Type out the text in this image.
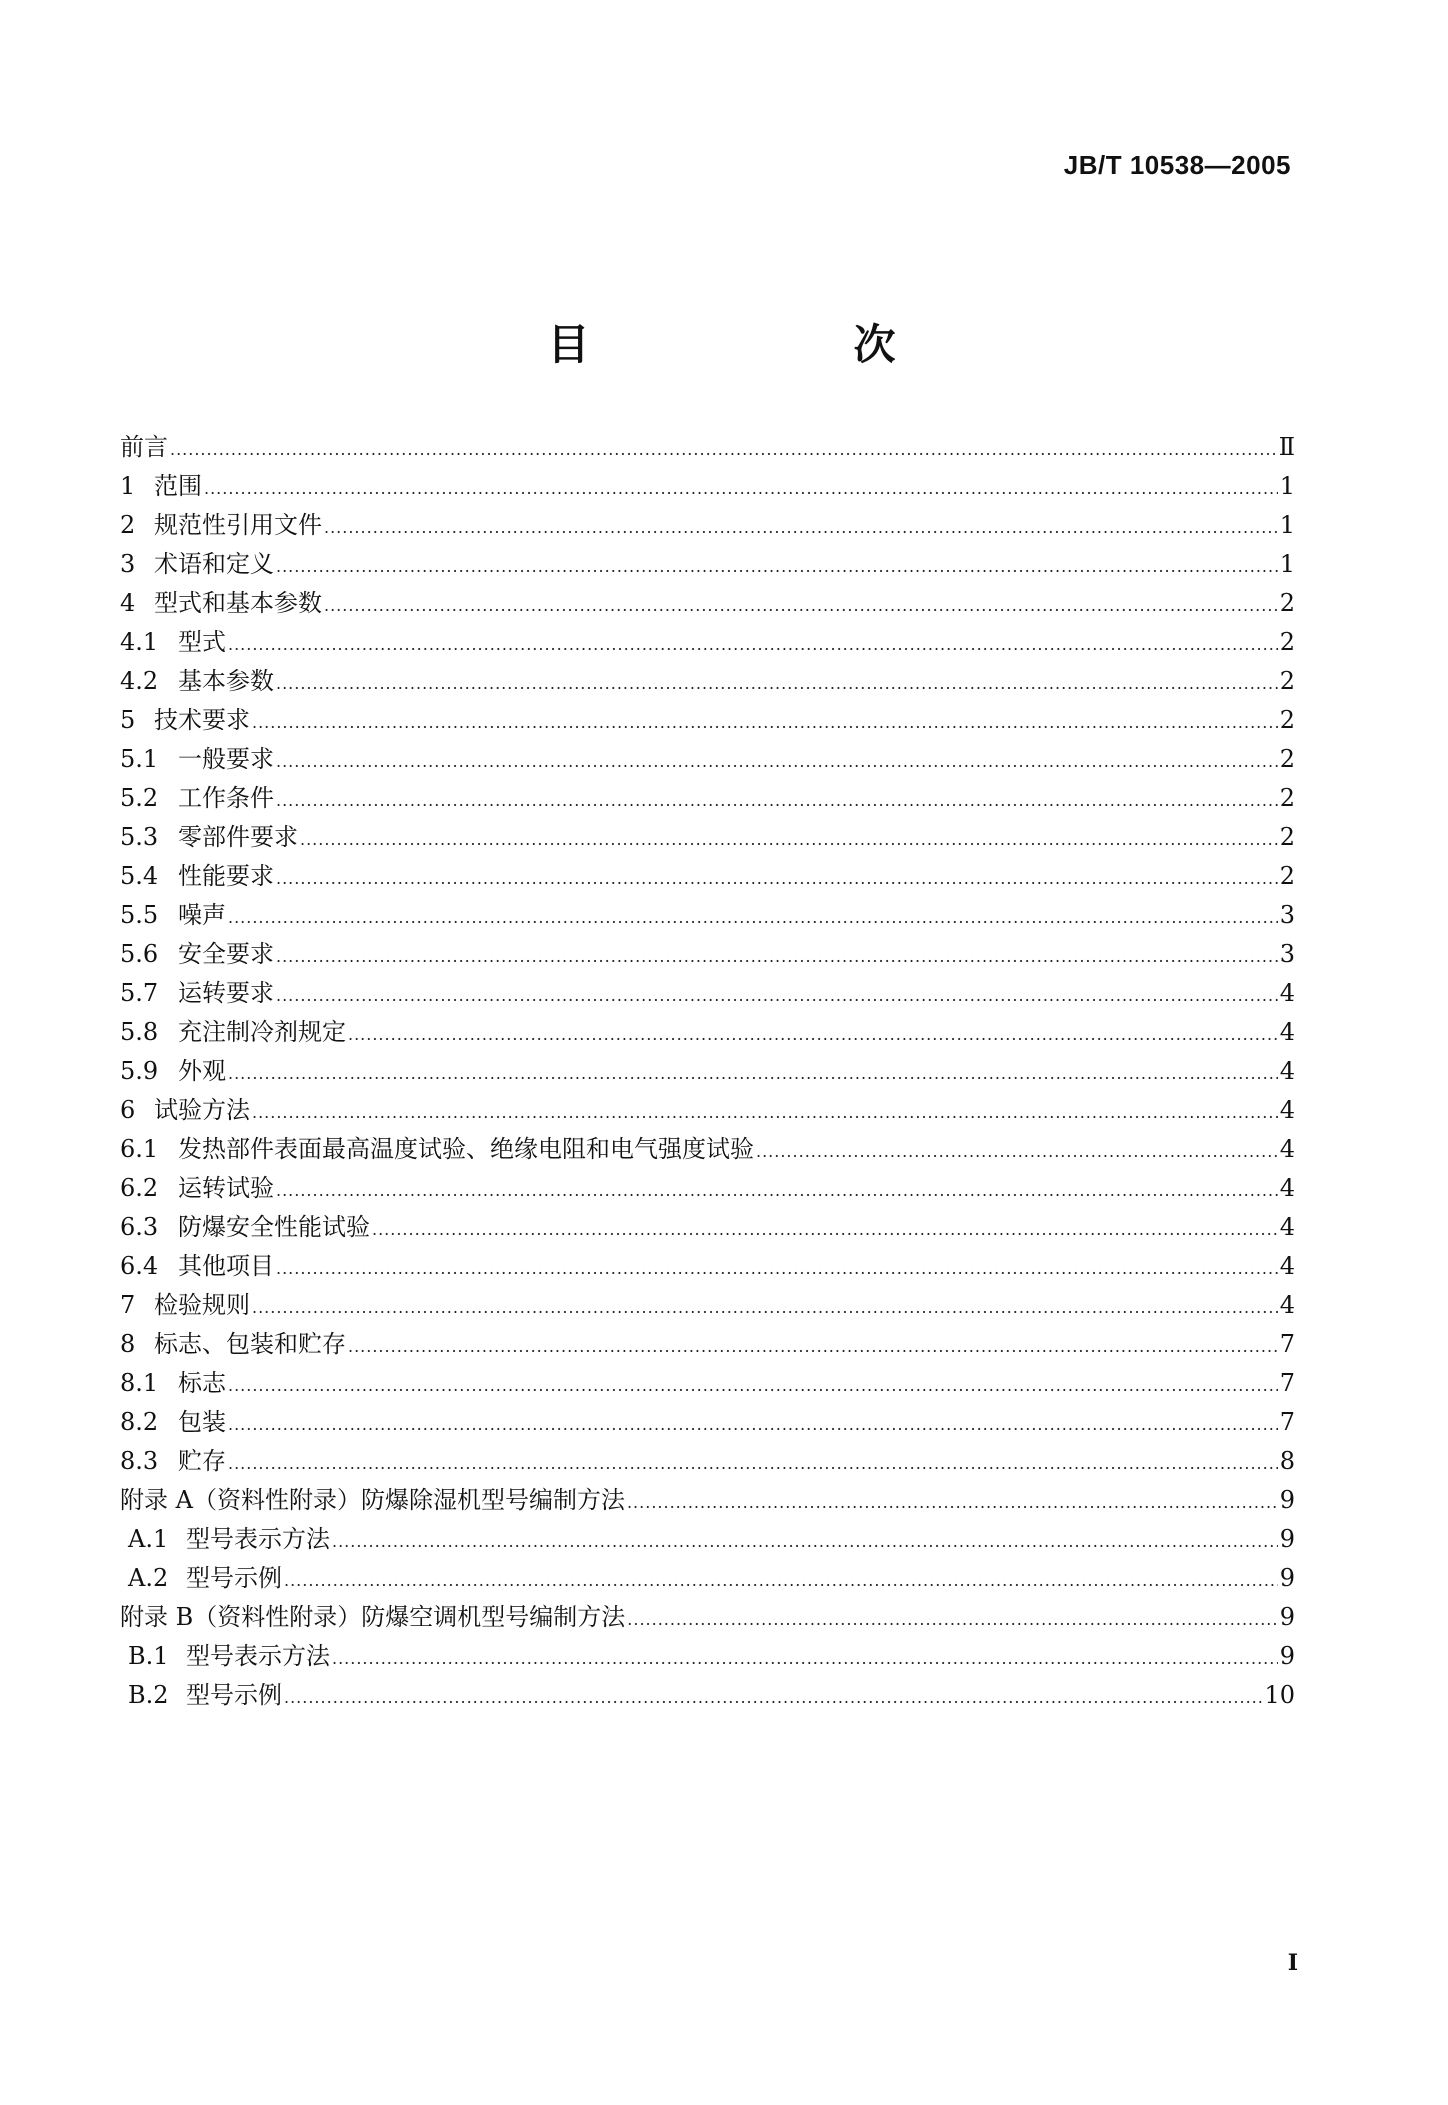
JB/T 10538—2005
目　　次
前言 .....	Ⅱ
1 范围 .....	1
2 规范性引用文件 .....	1
3 术语和定义 .....	1
4 型式和基本参数 .....	2
4.1 型式 .....	2
4.2 基本参数 .....	2
5 技术要求 .....	2
5.1 一般要求 .....	2
5.2 工作条件 .....	2
5.3 零部件要求 .....	2
5.4 性能要求 .....	2
5.5 噪声 .....	3
5.6 安全要求 .....	3
5.7 运转要求 .....	4
5.8 充注制冷剂规定 .....	4
5.9 外观 .....	4
6 试验方法 .....	4
6.1 发热部件表面最高温度试验、绝缘电阻和电气强度试验 .....	4
6.2 运转试验 .....	4
6.3 防爆安全性能试验 .....	4
6.4 其他项目 .....	4
7 检验规则 .....	4
8 标志、包装和贮存 .....	7
8.1 标志 .....	7
8.2 包装 .....	7
8.3 贮存 .....	8
附录 A（资料性附录）防爆除湿机型号编制方法 .....	9
A.1 型号表示方法 .....	9
A.2 型号示例 .....	9
附录 B（资料性附录）防爆空调机型号编制方法 .....	9
B.1 型号表示方法 .....	9
B.2 型号示例 .....	10
I
